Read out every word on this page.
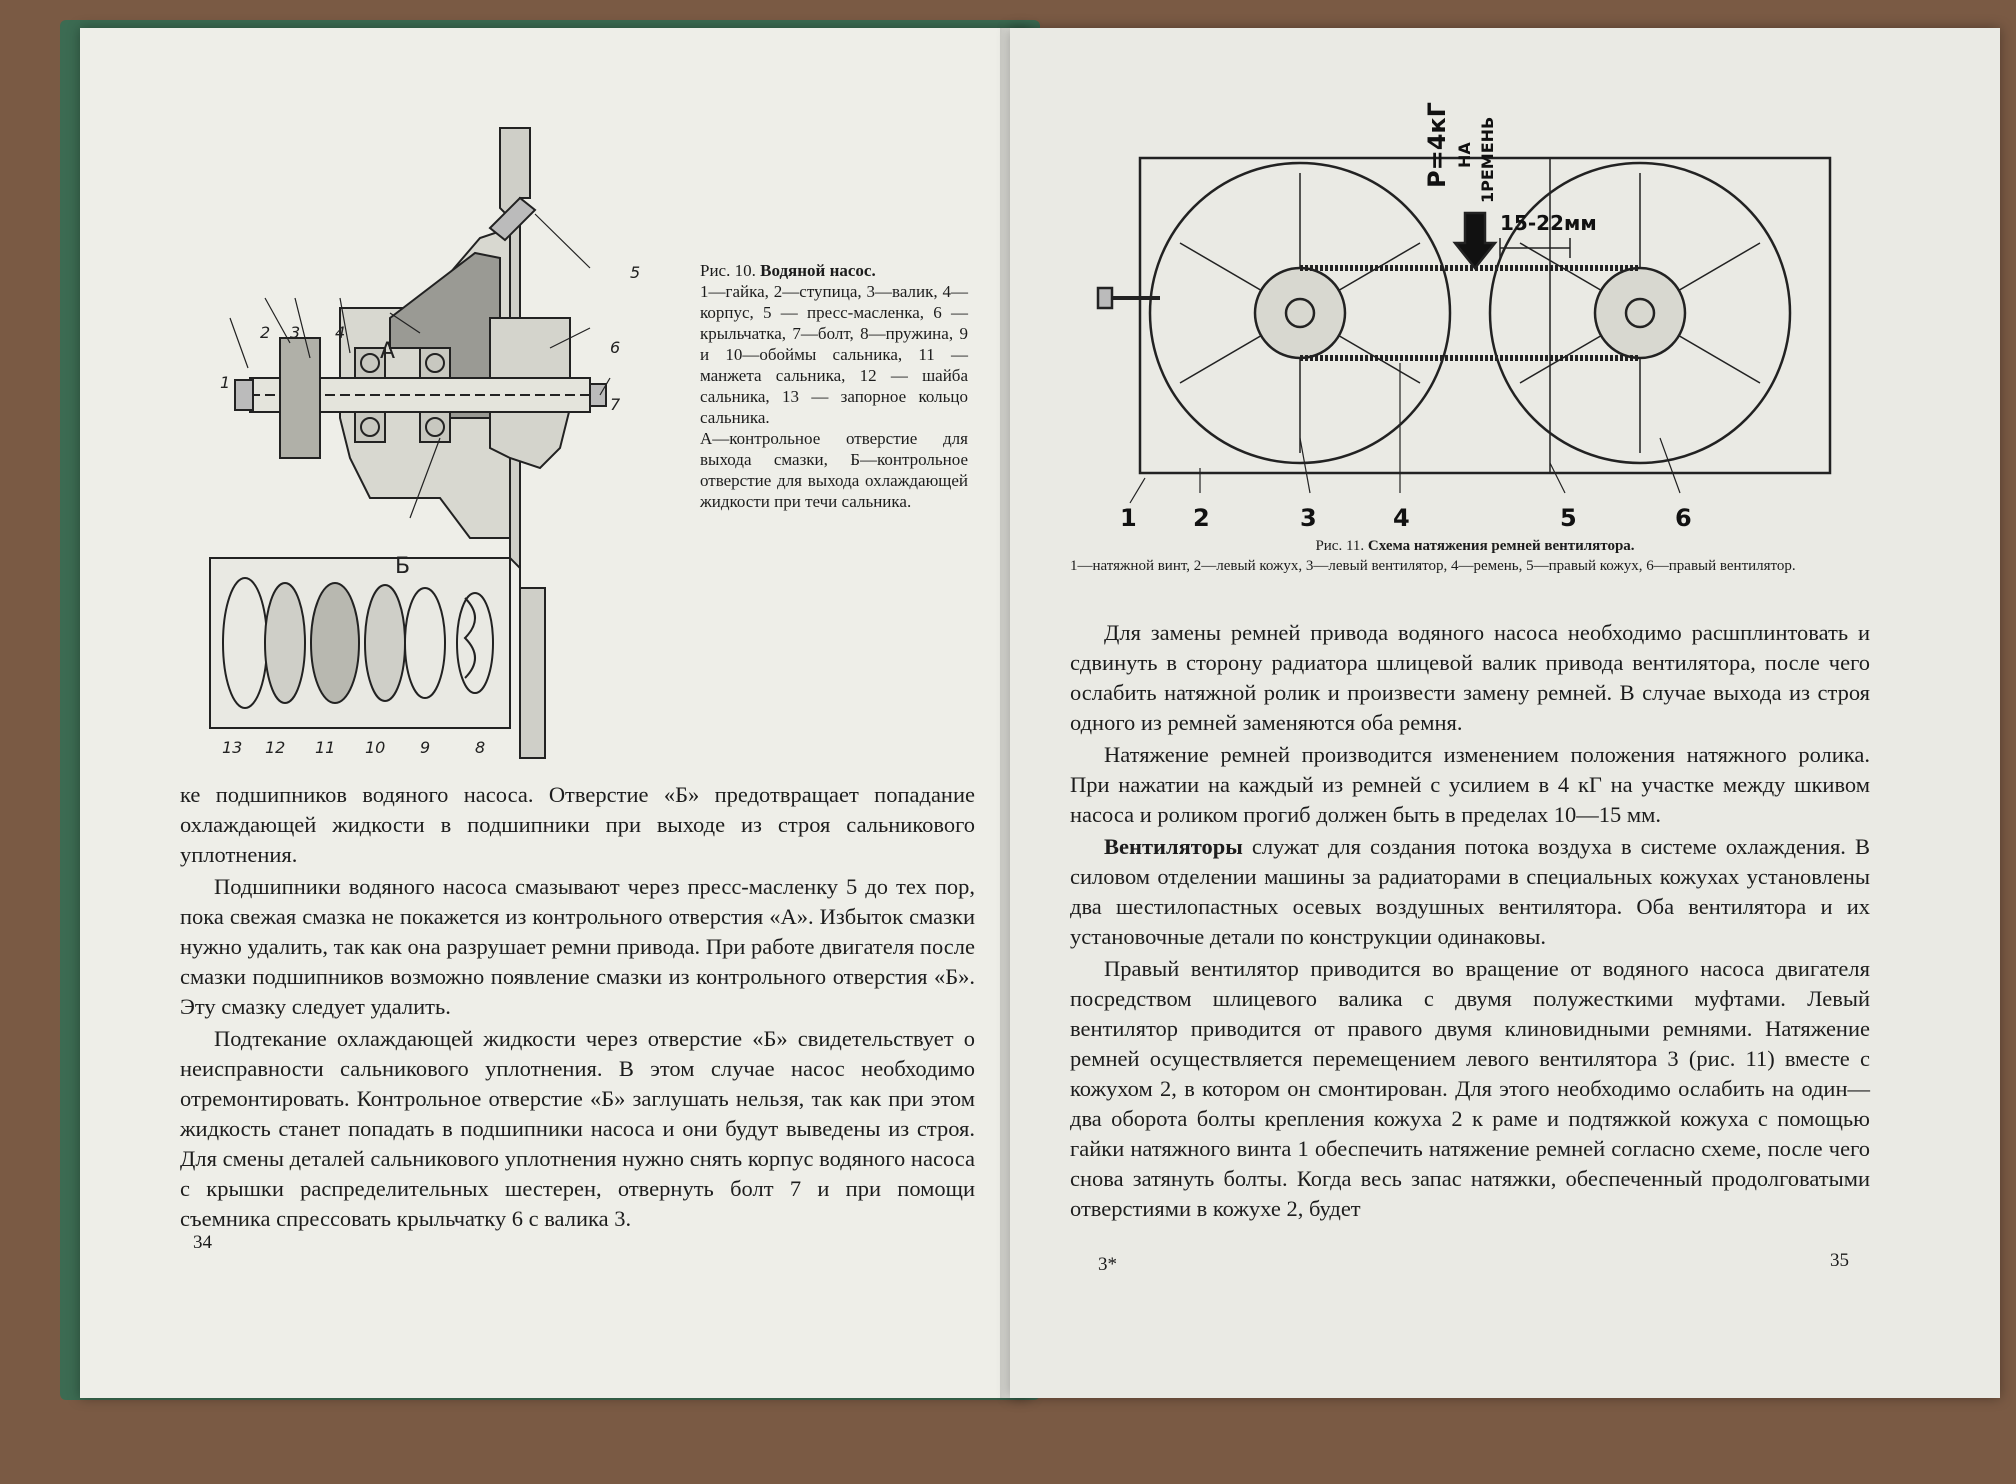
5
6
7
1
2 3 4
А
Б
13 12 11 10 9	8
Рис. 10. Водяной насос.
1—гайка, 2—ступица, 3—валик, 4—корпус, 5 — пресс-масленка, 6 — крыльчатка, 7—болт, 8—пружина, 9 и 10—обоймы сальника, 11 — манжета сальника, 12 — шайба сальника, 13 — запорное кольцо сальника.
А—контрольное отверстие для выхода смазки, Б—контрольное отверстие для выхода охлаждающей жидкости при течи сальника.

ке подшипников водяного насоса. Отверстие «Б» предотвращает попадание охлаждающей жидкости в подшипники при выходе из строя сальникового уплотнения.

Подшипники водяного насоса смазывают через пресс-масленку 5 до тех пор, пока свежая смазка не покажется из контрольного отверстия «А». Избыток смазки нужно удалить, так как она разрушает ремни привода. При работе двигателя после смазки подшипников возможно появление смазки из контрольного отверстия «Б». Эту смазку следует удалить.

Подтекание охлаждающей жидкости через отверстие «Б» свидетельствует о неисправности сальникового уплотнения. В этом случае насос необходимо отремонтировать. Контрольное отверстие «Б» заглушать нельзя, так как при этом жидкость станет попадать в подшипники насоса и они будут выведены из строя. Для смены деталей сальникового уплотнения нужно снять корпус водяного насоса с крышки распределительных шестерен, отвернуть болт 7 и при помощи съемника спрессовать крыльчатку 6 с валика 3.

34
P=4кГ НА 1РЕМЕНЬ
15-22мм
1 2	3	4	5	6
Рис. 11. Схема натяжения ремней вентилятора.
1—натяжной винт, 2—левый кожух, 3—левый вентилятор, 4—ремень, 5—правый кожух, 6—правый вентилятор.

Для замены ремней привода водяного насоса необходимо расшплинтовать и сдвинуть в сторону радиатора шлицевой валик привода вентилятора, после чего ослабить натяжной ролик и произвести замену ремней. В случае выхода из строя одного из ремней заменяются оба ремня.

Натяжение ремней производится изменением положения натяжного ролика. При нажатии на каждый из ремней с усилием в 4 кГ на участке между шкивом насоса и роликом прогиб должен быть в пределах 10—15 мм.

Вентиляторы служат для создания потока воздуха в системе охлаждения. В силовом отделении машины за радиаторами в специальных кожухах установлены два шестилопастных осевых воздушных вентилятора. Оба вентилятора и их установочные детали по конструкции одинаковы.

Правый вентилятор приводится во вращение от водяного насоса двигателя посредством шлицевого валика с двумя полужесткими муфтами. Левый вентилятор приводится от правого двумя клиновидными ремнями. Натяжение ремней осуществляется перемещением левого вентилятора 3 (рис. 11) вместе с кожухом 2, в котором он смонтирован. Для этого необходимо ослабить на один—два оборота болты крепления кожуха 2 к раме и подтяжкой кожуха с помощью гайки натяжного винта 1 обеспечить натяжение ремней согласно схеме, после чего снова затянуть болты. Когда весь запас натяжки, обеспеченный продолговатыми отверстиями в кожухе 2, будет

3*	35
